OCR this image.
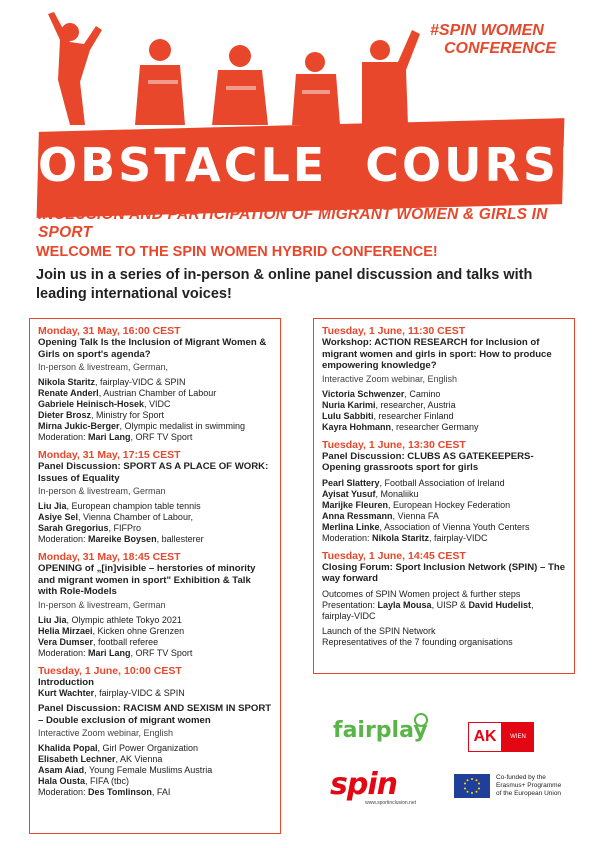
#SPIN WOMEN
CONFERENCE
OBSTACLE  COURSE
INCLUSION AND PARTICIPATION OF MIGRANT WOMEN & GIRLS IN SPORT
WELCOME TO THE SPIN WOMEN HYBRID CONFERENCE!
Join us in a series of in-person & online panel discussion and talks with leading international voices!
Monday, 31 May, 16:00 CEST
Opening Talk Is the Inclusion of Migrant Women & Girls on sport's agenda?
In-person & livestream, German,
Nikola Staritz, fairplay-VIDC & SPIN
Renate Anderl, Austrian Chamber of Labour
Gabriele Heinisch-Hosek, VIDC
Dieter Brosz, Ministry for Sport
Mirna Jukic-Berger, Olympic medalist in swimming
Moderation: Mari Lang, ORF TV Sport
Monday, 31 May, 17:15 CEST
Panel Discussion: SPORT AS A PLACE OF WORK: Issues of Equality
In-person & livestream, German
Liu Jia, European champion table tennis
Asiye Sel, Vienna Chamber of Labour,
Sarah Gregorius, FIFPro
Moderation: Mareike Boysen, ballesterer
Monday, 31 May, 18:45 CEST
OPENING of „[in]visible – herstories of minority and migrant women in sport" Exhibition & Talk with Role-Models
In-person & livestream, German
Liu Jia, Olympic athlete Tokyo 2021
Helia Mirzaei, Kicken ohne Grenzen
Vera Dumser, football referee
Moderation: Mari Lang, ORF TV Sport
Tuesday, 1 June, 10:00 CEST
Introduction
Kurt Wachter, fairplay-VIDC & SPIN
Panel Discussion: RACISM AND SEXISM IN SPORT – Double exclusion of migrant women
Interactive Zoom webinar, English
Khalida Popal, Girl Power Organization
Elisabeth Lechner, AK Vienna
Asam Aiad, Young Female Muslims Austria
Hala Ousta, FIFA (tbc)
Moderation: Des Tomlinson, FAI
Tuesday, 1 June, 11:30 CEST
Workshop: ACTION RESEARCH for Inclusion of migrant women and girls in sport: How to produce empowering knowledge?
Interactive Zoom webinar, English
Victoria Schwenzer, Camino
Nuria Karimi, researcher, Austria
Lulu Sabbiti, researcher Finland
Kayra Hohmann, researcher Germany
Tuesday, 1 June, 13:30 CEST
Panel Discussion: CLUBS AS GATEKEEPERS- Opening grassroots sport for girls
Pearl Slattery, Football Association of Ireland
Ayisat Yusuf, Monaliiku
Marijke Fleuren, European Hockey Federation
Anna Ressmann, Vienna FA
Merlina Linke, Association of Vienna Youth Centers
Moderation: Nikola Staritz, fairplay-VIDC
Tuesday, 1 June, 14:45 CEST
Closing Forum: Sport Inclusion Network (SPIN) – The way forward
Outcomes of SPIN Women project & further steps
Presentation: Layla Mousa, UISP & David Hudelist, fairplay-VIDC
Launch of the SPIN Network
Representatives of the 7 founding organisations
fairplay	AK	WIEN
spin
www.sportinclusion.net
Co-funded by the
Erasmus+ Programme
of the European Union
